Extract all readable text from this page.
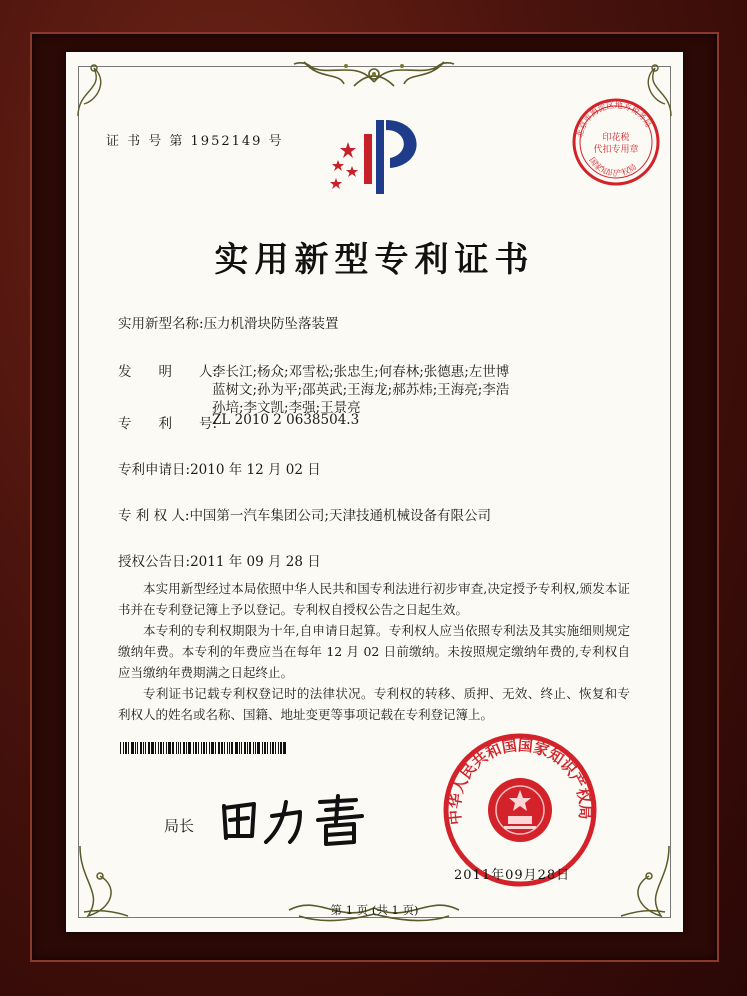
北京市海淀区地方税务局
印花税
代扣专用章
国家知识产权局
证 书 号 第 1952149 号
实用新型专利证书
实用新型名称:压力机滑块防坠落装置
发　　明　　人:
李长江;杨众;邓雪松;张忠生;何春林;张德惠;左世博
蓝树文;孙为平;邵英武;王海龙;郝苏炜;王海亮;李浩
孙培;李文凯;李强;王景亮
专　　利　　号:
ZL 2010 2 0638504.3
专利申请日:2010 年 12 月 02 日
专 利 权 人:中国第一汽车集团公司;天津技通机械设备有限公司
授权公告日:2011 年 09 月 28 日

本实用新型经过本局依照中华人民共和国专利法进行初步审查,决定授予专利权,颁发本证书并在专利登记簿上予以登记。专利权自授权公告之日起生效。

本专利的专利权期限为十年,自申请日起算。专利权人应当依照专利法及其实施细则规定缴纳年费。本专利的年费应当在每年 12 月 02 日前缴纳。未按照规定缴纳年费的,专利权自应当缴纳年费期满之日起终止。

专利证书记载专利权登记时的法律状况。专利权的转移、质押、无效、终止、恢复和专利权人的姓名或名称、国籍、地址变更等事项记载在专利登记簿上。

局长	中华人民共和国国家知识产权局
2011年09月28日
第 1 页 (共 1 页)
